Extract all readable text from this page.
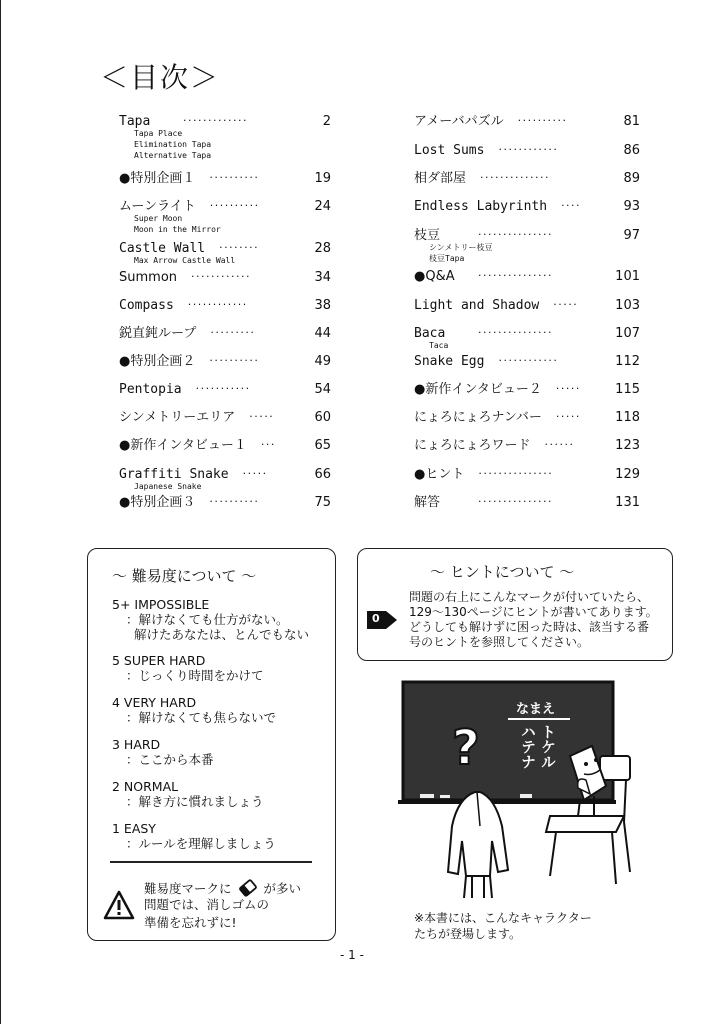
＜目次＞
Tapa	2
·············
Tapa Place
Elimination Tapa
Alternative Tapa
●特別企画１	19
··········
ムーンライト	24
··········
Super Moon
Moon in the Mirror
Castle Wall	28
········
Max Arrow Castle Wall
Summon	34
············
Compass	38
············
鋭直鈍ループ	44
·········
●特別企画２	49
··········
Pentopia	54
···········
シンメトリーエリア	60
·····
●新作インタビュー１	65
···
Graffiti Snake	66
·····
Japanese Snake
●特別企画３	75
··········
アメーバパズル	81
··········
Lost Sums	86
············
相ダ部屋	89
··············
Endless Labyrinth	93
····
枝豆	97
···············
シンメトリー枝豆
枝豆Tapa
●Q&A	101
···············
Light and Shadow	103
·····
Baca	107
···············
Taca
Snake Egg	112
············
●新作インタビュー２	115
·····
にょろにょろナンバー	118
·····
にょろにょろワード	123
······
●ヒント	129
···············
解答	131
···············
～ 難易度について ～
5+ IMPOSSIBLE
：解けなくても仕方がない。
解けたあなたは、とんでもない
5 SUPER HARD
：じっくり時間をかけて
4 VERY HARD
：解けなくても焦らないで
3 HARD
：ここから本番
2 NORMAL
：解き方に慣れましょう
1 EASY
：ルールを理解しましょう
難易度マークに	が多い
問題では、消しゴムの
準備を忘れずに!
～ ヒントについて ～
0
問題の右上にこんなマークが付いていたら、
129～130ページにヒントが書いてあります。
どうしても解けずに困った時は、該当する番
号のヒントを参照してください。
なまえ
ハテナ トケル
?
※本書には、こんなキャラクター
たちが登場します。
- 1 -
